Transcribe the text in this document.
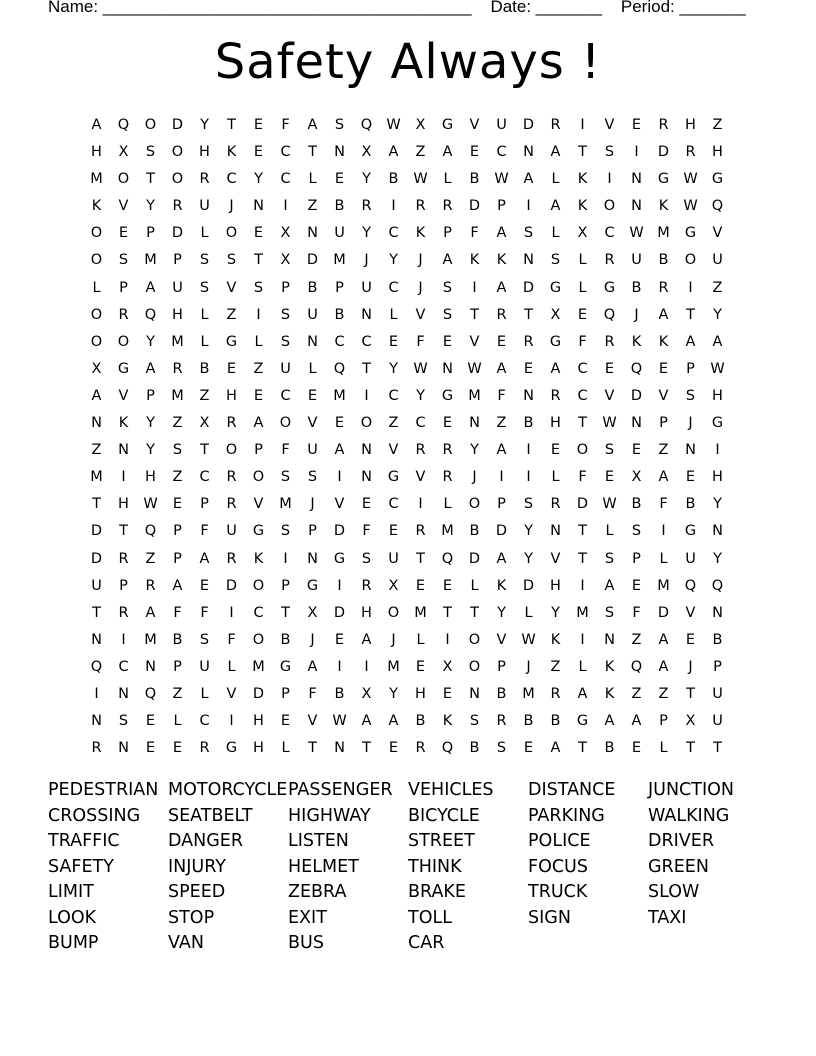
Name: _______________________________________ Date: _______ Period: _______
Safety Always !
A	Q	O	D	Y	T	E	F	A	S	Q W	X	G	V	U	D	R	I	V	E	R	H	Z
H	X	S	O	H	K	E	C	T	N	X	A	Z	A	E	C	N	A	T	S	I	D	R	H
M	O	T	O	R	C	Y	C	L	E	Y	B	W	L	B	W	A	L	K	I	N	G W G
K	V	Y	R	U	J	N	I	Z	B	R	I	R	R	D	P	I	A	K	O	N	K	W Q
O	E	P	D	L	O	E	X	N	U	Y	C	K	P	F	A	S	L	X	C	W M	G	V
O	S	M	P	S	S	T	X	D	M	J	Y	J	A	K	K	N	S	L	R	U	B	O	U
L	P	A	U	S	V	S	P	B	P	U	C	J	S	I	A	D	G	L	G	B	R	I	Z
O	R	Q	H	L	Z	I	S	U	B	N	L	V	S	T	R	T	X	E	Q	J	A	T	Y
O	O	Y	M	L	G	L	S	N	C	C	E	F	E	V	E	R	G	F	R	K	K	A	A
X	G	A	R	B	E	Z	U	L	Q	T	Y	W N W	A	E	A	C	E	Q	E	P	W
A	V	P	M	Z	H	E	C	E	M	I	C	Y	G	M	F	N	R	C	V	D	V	S	H
N	K	Y	Z	X	R	A	O	V	E	O	Z	C	E	N	Z	B	H	T	W N	P	J	G
Z	N	Y	S	T	O	P	F	U	A	N	V	R	R	Y	A	I	E	O	S	E	Z	N	I
M	I	H	Z	C	R	O	S	S	I	N	G	V	R	J	I	I	L	F	E	X	A	E	H
T	H W	E	P	R	V	M	J	V	E	C	I	L	O	P	S	R	D W	B	F	B	Y
D	T	Q	P	F	U	G	S	P	D	F	E	R	M	B	D	Y	N	T	L	S	I	G	N
D	R	Z	P	A	R	K	I	N	G	S	U	T	Q	D	A	Y	V	T	S	P	L	U	Y
U	P	R	A	E	D	O	P	G	I	R	X	E	E	L	K	D	H	I	A	E	M	Q	Q
T	R	A	F	F	I	C	T	X	D	H	O	M	T	T	Y	L	Y	M	S	F	D	V	N
N	I	M	B	S	F	O	B	J	E	A	J	L	I	O	V	W	K	I	N	Z	A	E	B
Q	C	N	P	U	L	M	G	A	I	I	M	E	X	O	P	J	Z	L	K	Q	A	J	P
I	N	Q	Z	L	V	D	P	F	B	X	Y	H	E	N	B	M	R	A	K	Z	Z	T	U
N	S	E	L	C	I	H	E	V	W	A	A	B	K	S	R	B	B	G	A	A	P	X	U
R	N	E	E	R	G	H	L	T	N	T	E	R	Q	B	S	E	A	T	B	E	L	T	T
PEDESTRIAN MOTORCYCLE PASSENGER VEHICLES	DISTANCE	JUNCTION
CROSSING	SEATBELT	HIGHWAY	BICYCLE	PARKING	WALKING
TRAFFIC	DANGER	LISTEN	STREET	POLICE	DRIVER
SAFETY	INJURY	HELMET	THINK	FOCUS	GREEN
LIMIT	SPEED	ZEBRA	BRAKE	TRUCK	SLOW
LOOK	STOP	EXIT	TOLL	SIGN	TAXI
BUMP	VAN	BUS	CAR
